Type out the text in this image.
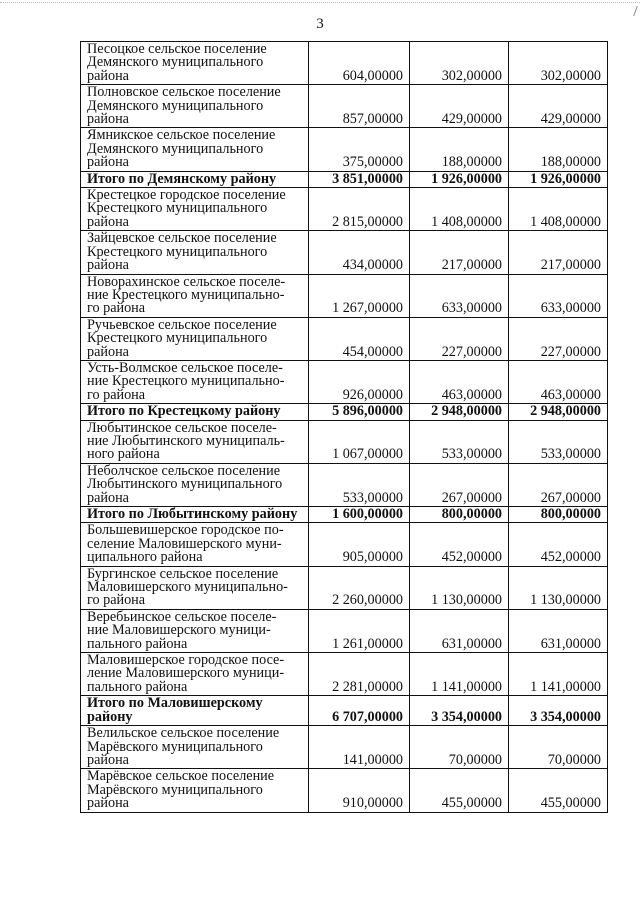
3
Песоцкое сельское поселение
Демянского муниципального
района	604,00000	302,00000	302,00000

Полновское сельское поселение
Демянского муниципального
района	857,00000	429,00000	429,00000

Ямникское сельское поселение
Демянского муниципального
района	375,00000	188,00000	188,00000

Итого по Демянскому району	3 851,00000	1 926,00000	1 926,00000

Крестецкое городское поселение
Крестецкого муниципального
района	2 815,00000	1 408,00000	1 408,00000

Зайцевское сельское поселение
Крестецкого муниципального
района	434,00000	217,00000	217,00000

Новорахинское сельское поселе-
ние Крестецкого муниципально-
го района	1 267,00000	633,00000	633,00000

Ручьевское сельское поселение
Крестецкого муниципального
района	454,00000	227,00000	227,00000

Усть-Волмское сельское поселе-
ние Крестецкого муниципально-
го района	926,00000	463,00000	463,00000

Итого по Крестецкому району	5 896,00000	2 948,00000	2 948,00000

Любытинское сельское поселе-
ние Любытинского муниципаль-
ного района	1 067,00000	533,00000	533,00000

Неболчское сельское поселение
Любытинского муниципального
района	533,00000	267,00000	267,00000

Итого по Любытинскому району	1 600,00000	800,00000	800,00000

Большевишерское городское по-
селение Маловишерского муни-
ципального района	905,00000	452,00000	452,00000

Бургинское сельское поселение
Маловишерского муниципально-
го района	2 260,00000	1 130,00000	1 130,00000

Веребьинское сельское поселе-
ние Маловишерского муници-
пального района	1 261,00000	631,00000	631,00000

Маловишерское городское посе-
ление Маловишерского муници-
пального района	2 281,00000	1 141,00000	1 141,00000

Итого по Маловишерскому
району	6 707,00000	3 354,00000	3 354,00000

Велильское сельское поселение
Марёвского муниципального
района	141,00000	70,00000	70,00000

Марёвское сельское поселение
Марёвского муниципального
района	910,00000	455,00000	455,00000
